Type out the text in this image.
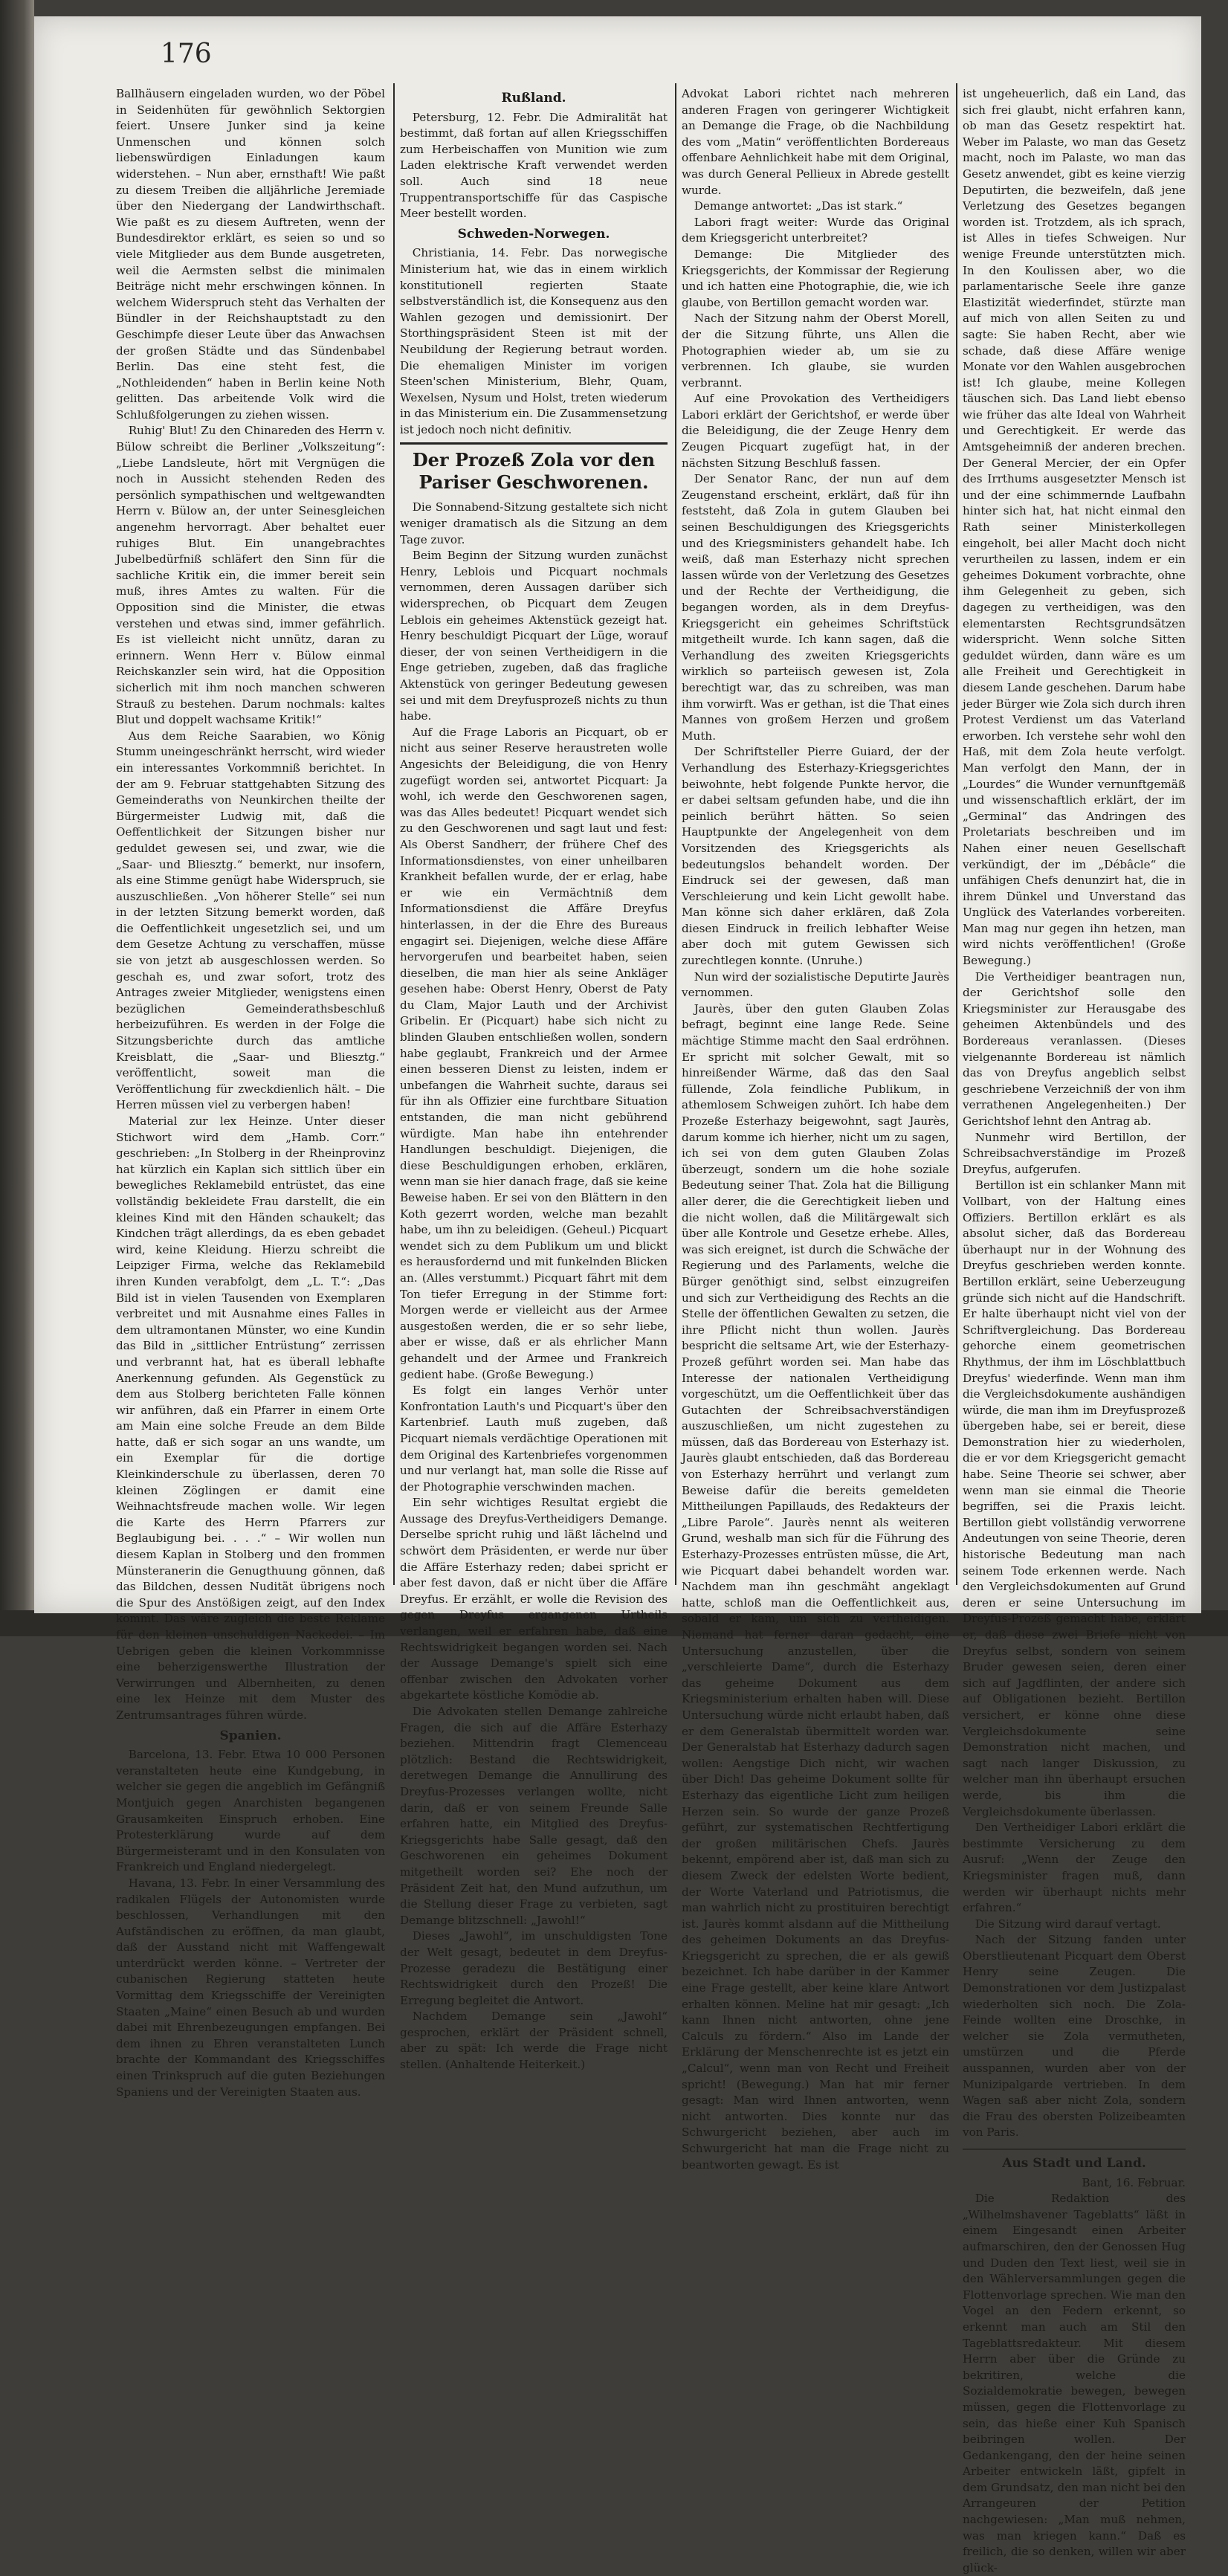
176

Ballhäusern eingeladen wurden, wo der Pöbel in Seidenhüten für gewöhnlich Sektorgien feiert. Unsere Junker sind ja keine Unmenschen und können solch liebenswürdigen Einladungen kaum widerstehen. – Nun aber, ernsthaft! Wie paßt zu diesem Treiben die alljährliche Jeremiade über den Niedergang der Landwirthschaft. Wie paßt es zu diesem Auftreten, wenn der Bundesdirektor erklärt, es seien so und so viele Mitglieder aus dem Bunde ausgetreten, weil die Aermsten selbst die minimalen Beiträge nicht mehr erschwingen können. In welchem Widerspruch steht das Verhalten der Bündler in der Reichshauptstadt zu den Geschimpfe dieser Leute über das Anwachsen der großen Städte und das Sündenbabel Berlin. Das eine steht fest, die „Nothleidenden“ haben in Berlin keine Noth gelitten. Das arbeitende Volk wird die Schlußfolgerungen zu ziehen wissen.

Ruhig' Blut! Zu den Chinareden des Herrn v. Bülow schreibt die Berliner „Volkszeitung“: „Liebe Landsleute, hört mit Vergnügen die noch in Aussicht stehenden Reden des persönlich sympathischen und weltgewandten Herrn v. Bülow an, der unter Seinesgleichen angenehm hervorragt. Aber behaltet euer ruhiges Blut. Ein unangebrachtes Jubelbedürfniß schläfert den Sinn für die sachliche Kritik ein, die immer bereit sein muß, ihres Amtes zu walten. Für die Opposition sind die Minister, die etwas verstehen und etwas sind, immer gefährlich. Es ist vielleicht nicht unnütz, daran zu erinnern. Wenn Herr v. Bülow einmal Reichskanzler sein wird, hat die Opposition sicherlich mit ihm noch manchen schweren Strauß zu bestehen. Darum nochmals: kaltes Blut und doppelt wachsame Kritik!“

Aus dem Reiche Saarabien, wo König Stumm uneingeschränkt herrscht, wird wieder ein interessantes Vorkommniß berichtet. In der am 9. Februar stattgehabten Sitzung des Gemeinderaths von Neunkirchen theilte der Bürgermeister Ludwig mit, daß die Oeffentlichkeit der Sitzungen bisher nur geduldet gewesen sei, und zwar, wie die „Saar- und Bliesztg.“ bemerkt, nur insofern, als eine Stimme genügt habe Widerspruch, sie auszuschließen. „Von höherer Stelle“ sei nun in der letzten Sitzung bemerkt worden, daß die Oeffentlichkeit ungesetzlich sei, und um dem Gesetze Achtung zu verschaffen, müsse sie von jetzt ab ausgeschlossen werden. So geschah es, und zwar sofort, trotz des Antrages zweier Mitglieder, wenigstens einen bezüglichen Gemeinderathsbeschluß herbeizuführen. Es werden in der Folge die Sitzungsberichte durch das amtliche Kreisblatt, die „Saar- und Bliesztg.“ veröffentlicht, soweit man die Veröffentlichung für zweckdienlich hält. – Die Herren müssen viel zu verbergen haben!

Material zur lex Heinze. Unter dieser Stichwort wird dem „Hamb. Corr.“ geschrieben: „In Stolberg in der Rheinprovinz hat kürzlich ein Kaplan sich sittlich über ein bewegliches Reklamebild entrüstet, das eine vollständig bekleidete Frau darstellt, die ein kleines Kind mit den Händen schaukelt; das Kindchen trägt allerdings, da es eben gebadet wird, keine Kleidung. Hierzu schreibt die Leipziger Firma, welche das Reklamebild ihren Kunden verabfolgt, dem „L. T.“: „Das Bild ist in vielen Tausenden von Exemplaren verbreitet und mit Ausnahme eines Falles in dem ultramontanen Münster, wo eine Kundin das Bild in „sittlicher Entrüstung“ zerrissen und verbrannt hat, hat es überall lebhafte Anerkennung gefunden. Als Gegenstück zu dem aus Stolberg berichteten Falle können wir anführen, daß ein Pfarrer in einem Orte am Main eine solche Freude an dem Bilde hatte, daß er sich sogar an uns wandte, um ein Exemplar für die dortige Kleinkinderschule zu überlassen, deren 70 kleinen Zöglingen er damit eine Weihnachtsfreude machen wolle. Wir legen die Karte des Herrn Pfarrers zur Beglaubigung bei. . . .“ – Wir wollen nun diesem Kaplan in Stolberg und den frommen Münsteranerin die Genugthuung gönnen, daß das Bildchen, dessen Nudität übrigens noch die Spur des Anstößigen zeigt, auf den Index kommt. Das wäre zugleich die beste Reklame für den kleinen unschuldigen Nackedei. – Im Uebrigen geben die kleinen Vorkommnisse eine beherzigenswerthe Illustration der Verwirrungen und Albernheiten, zu denen eine lex Heinze mit dem Muster des Zentrumsantrages führen würde.

Spanien.

Barcelona, 13. Febr. Etwa 10 000 Personen veranstalteten heute eine Kundgebung, in welcher sie gegen die angeblich im Gefängniß Montjuich gegen Anarchisten begangenen Grausamkeiten Einspruch erhoben. Eine Protesterklärung wurde auf dem Bürgermeisteramt und in den Konsulaten von Frankreich und England niedergelegt.

Havana, 13. Febr. In einer Versammlung des radikalen Flügels der Autonomisten wurde beschlossen, Verhandlungen mit den Aufständischen zu eröffnen, da man glaubt, daß der Ausstand nicht mit Waffengewalt unterdrückt werden könne. – Vertreter der cubanischen Regierung statteten heute Vormittag dem Kriegsschiffe der Vereinigten Staaten „Maine“ einen Besuch ab und wurden dabei mit Ehrenbezeugungen empfangen. Bei dem ihnen zu Ehren veranstalteten Lunch brachte der Kommandant des Kriegsschiffes einen Trinkspruch auf die guten Beziehungen Spaniens und der Vereinigten Staaten aus.

Rußland.

Petersburg, 12. Febr. Die Admiralität hat bestimmt, daß fortan auf allen Kriegsschiffen zum Herbeischaffen von Munition wie zum Laden elektrische Kraft verwendet werden soll. Auch sind 18 neue Truppentransportschiffe für das Caspische Meer bestellt worden.

Schweden-Norwegen.

Christiania, 14. Febr. Das norwegische Ministerium hat, wie das in einem wirklich konstitutionell regierten Staate selbstverständlich ist, die Konsequenz aus den Wahlen gezogen und demissionirt. Der Storthingspräsident Steen ist mit der Neubildung der Regierung betraut worden. Die ehemaligen Minister im vorigen Steen'schen Ministerium, Blehr, Quam, Wexelsen, Nysum und Holst, treten wiederum in das Ministerium ein. Die Zusammensetzung ist jedoch noch nicht definitiv.

Der Prozeß Zola vor den Pariser Geschworenen.

Die Sonnabend-Sitzung gestaltete sich nicht weniger dramatisch als die Sitzung an dem Tage zuvor.

Beim Beginn der Sitzung wurden zunächst Henry, Leblois und Picquart nochmals vernommen, deren Aussagen darüber sich widersprechen, ob Picquart dem Zeugen Leblois ein geheimes Aktenstück gezeigt hat. Henry beschuldigt Picquart der Lüge, worauf dieser, der von seinen Vertheidigern in die Enge getrieben, zugeben, daß das fragliche Aktenstück von geringer Bedeutung gewesen sei und mit dem Dreyfusprozeß nichts zu thun habe.

Auf die Frage Laboris an Picquart, ob er nicht aus seiner Reserve heraustreten wolle Angesichts der Beleidigung, die von Henry zugefügt worden sei, antwortet Picquart: Ja wohl, ich werde den Geschworenen sagen, was das Alles bedeutet! Picquart wendet sich zu den Geschworenen und sagt laut und fest: Als Oberst Sandherr, der frühere Chef des Informationsdienstes, von einer unheilbaren Krankheit befallen wurde, der er erlag, habe er wie ein Vermächtniß dem Informationsdienst die Affäre Dreyfus hinterlassen, in der die Ehre des Bureaus engagirt sei. Diejenigen, welche diese Affäre hervorgerufen und bearbeitet haben, seien dieselben, die man hier als seine Ankläger gesehen habe: Oberst Henry, Oberst de Paty du Clam, Major Lauth und der Archivist Gribelin. Er (Picquart) habe sich nicht zu blinden Glauben entschließen wollen, sondern habe geglaubt, Frankreich und der Armee einen besseren Dienst zu leisten, indem er unbefangen die Wahrheit suchte, daraus sei für ihn als Offizier eine furchtbare Situation entstanden, die man nicht gebührend würdigte. Man habe ihn entehrender Handlungen beschuldigt. Diejenigen, die diese Beschuldigungen erhoben, erklären, wenn man sie hier danach frage, daß sie keine Beweise haben. Er sei von den Blättern in den Koth gezerrt worden, welche man bezahlt habe, um ihn zu beleidigen. (Geheul.) Picquart wendet sich zu dem Publikum um und blickt es herausfordernd und mit funkelnden Blicken an. (Alles verstummt.) Picquart fährt mit dem Ton tiefer Erregung in der Stimme fort: Morgen werde er vielleicht aus der Armee ausgestoßen werden, die er so sehr liebe, aber er wisse, daß er als ehrlicher Mann gehandelt und der Armee und Frankreich gedient habe. (Große Bewegung.)

Es folgt ein langes Verhör unter Konfrontation Lauth's und Picquart's über den Kartenbrief. Lauth muß zugeben, daß Picquart niemals verdächtige Operationen mit dem Original des Kartenbriefes vorgenommen und nur verlangt hat, man solle die Risse auf der Photographie verschwinden machen.

Ein sehr wichtiges Resultat ergiebt die Aussage des Dreyfus-Vertheidigers Demange. Derselbe spricht ruhig und läßt lächelnd und schwört dem Präsidenten, er werde nur über die Affäre Esterhazy reden; dabei spricht er aber fest davon, daß er nicht über die Affäre Dreyfus. Er erzählt, er wolle die Revision des gegen Dreyfus ergangenen Urtheils verlangen, weil er erfahren habe, daß eine Rechtswidrigkeit begangen worden sei. Nach der Aussage Demange's spielt sich eine offenbar zwischen den Advokaten vorher abgekartete köstliche Komödie ab.

Die Advokaten stellen Demange zahlreiche Fragen, die sich auf die Affäre Esterhazy beziehen. Mittendrin fragt Clemenceau plötzlich: Bestand die Rechtswidrigkeit, deretwegen Demange die Annullirung des Dreyfus-Prozesses verlangen wollte, nicht darin, daß er von seinem Freunde Salle erfahren hatte, ein Mitglied des Dreyfus-Kriegsgerichts habe Salle gesagt, daß den Geschworenen ein geheimes Dokument mitgetheilt worden sei? Ehe noch der Präsident Zeit hat, den Mund aufzuthun, um die Stellung dieser Frage zu verbieten, sagt Demange blitzschnell: „Jawohl!“

Dieses „Jawohl“, im unschuldigsten Tone der Welt gesagt, bedeutet in dem Dreyfus-Prozesse geradezu die Bestätigung einer Rechtswidrigkeit durch den Prozeß! Die Erregung begleitet die Antwort.

Nachdem Demange sein „Jawohl“ gesprochen, erklärt der Präsident schnell, aber zu spät: Ich werde die Frage nicht stellen. (Anhaltende Heiterkeit.)

Advokat Labori richtet nach mehreren anderen Fragen von geringerer Wichtigkeit an Demange die Frage, ob die Nachbildung des vom „Matin“ veröffentlichten Bordereaus offenbare Aehnlichkeit habe mit dem Original, was durch General Pellieux in Abrede gestellt wurde.

Demange antwortet: „Das ist stark.“

Labori fragt weiter: Wurde das Original dem Kriegsgericht unterbreitet?

Demange: Die Mitglieder des Kriegsgerichts, der Kommissar der Regierung und ich hatten eine Photographie, die, wie ich glaube, von Bertillon gemacht worden war.

Nach der Sitzung nahm der Oberst Morell, der die Sitzung führte, uns Allen die Photographien wieder ab, um sie zu verbrennen. Ich glaube, sie wurden verbrannt.

Auf eine Provokation des Vertheidigers Labori erklärt der Gerichtshof, er werde über die Beleidigung, die der Zeuge Henry dem Zeugen Picquart zugefügt hat, in der nächsten Sitzung Beschluß fassen.

Der Senator Ranc, der nun auf dem Zeugenstand erscheint, erklärt, daß für ihn feststeht, daß Zola in gutem Glauben bei seinen Beschuldigungen des Kriegsgerichts und des Kriegsministers gehandelt habe. Ich weiß, daß man Esterhazy nicht sprechen lassen würde von der Verletzung des Gesetzes und der Rechte der Vertheidigung, die begangen worden, als in dem Dreyfus-Kriegsgericht ein geheimes Schriftstück mitgetheilt wurde. Ich kann sagen, daß die Verhandlung des zweiten Kriegsgerichts wirklich so parteiisch gewesen ist, Zola berechtigt war, das zu schreiben, was man ihm vorwirft. Was er gethan, ist die That eines Mannes von großem Herzen und großem Muth.

Der Schriftsteller Pierre Guiard, der der Verhandlung des Esterhazy-Kriegsgerichtes beiwohnte, hebt folgende Punkte hervor, die er dabei seltsam gefunden habe, und die ihn peinlich berührt hätten. So seien Hauptpunkte der Angelegenheit von dem Vorsitzenden des Kriegsgerichts als bedeutungslos behandelt worden. Der Eindruck sei der gewesen, daß man Verschleierung und kein Licht gewollt habe. Man könne sich daher erklären, daß Zola diesen Eindruck in freilich lebhafter Weise aber doch mit gutem Gewissen sich zurechtlegen konnte. (Unruhe.)

Nun wird der sozialistische Deputirte Jaurès vernommen.

Jaurès, über den guten Glauben Zolas befragt, beginnt eine lange Rede. Seine mächtige Stimme macht den Saal erdröhnen. Er spricht mit solcher Gewalt, mit so hinreißender Wärme, daß das den Saal füllende, Zola feindliche Publikum, in athemlosem Schweigen zuhört. Ich habe dem Prozeße Esterhazy beigewohnt, sagt Jaurès, darum komme ich hierher, nicht um zu sagen, ich sei von dem guten Glauben Zolas überzeugt, sondern um die hohe soziale Bedeutung seiner That. Zola hat die Billigung aller derer, die die Gerechtigkeit lieben und die nicht wollen, daß die Militärgewalt sich über alle Kontrole und Gesetze erhebe. Alles, was sich ereignet, ist durch die Schwäche der Regierung und des Parlaments, welche die Bürger genöthigt sind, selbst einzugreifen und sich zur Vertheidigung des Rechts an die Stelle der öffentlichen Gewalten zu setzen, die ihre Pflicht nicht thun wollen. Jaurès bespricht die seltsame Art, wie der Esterhazy-Prozeß geführt worden sei. Man habe das Interesse der nationalen Vertheidigung vorgeschützt, um die Oeffentlichkeit über das Gutachten der Schreibsachverständigen auszuschließen, um nicht zugestehen zu müssen, daß das Bordereau von Esterhazy ist. Jaurès glaubt entschieden, daß das Bordereau von Esterhazy herrührt und verlangt zum Beweise dafür die bereits gemeldeten Mittheilungen Papillauds, des Redakteurs der „Libre Parole“. Jaurès nennt als weiteren Grund, weshalb man sich für die Führung des Esterhazy-Prozesses entrüsten müsse, die Art, wie Picquart dabei behandelt worden war. Nachdem man ihn geschmäht angeklagt hatte, schloß man die Oeffentlichkeit aus, sobald er kam, um sich zu vertheidigen. Niemand hat ferner daran gedacht, eine Untersuchung anzustellen, über die „verschleierte Dame“, durch die Esterhazy das geheime Dokument aus dem Kriegsministerium erhalten haben will. Diese Untersuchung würde nicht erlaubt haben, daß er dem Generalstab übermittelt worden war. Der Generalstab hat Esterhazy dadurch sagen wollen: Aengstige Dich nicht, wir wachen über Dich! Das geheime Dokument sollte für Esterhazy das eigentliche Licht zum heiligen Herzen sein. So wurde der ganze Prozeß geführt, zur systematischen Rechtfertigung der großen militärischen Chefs. Jaurès bekennt, empörend aber ist, daß man sich zu diesem Zweck der edelsten Worte bedient, der Worte Vaterland und Patriotismus, die man wahrlich nicht zu prostituiren berechtigt ist. Jaurès kommt alsdann auf die Mittheilung des geheimen Dokuments an das Dreyfus-Kriegsgericht zu sprechen, die er als gewiß bezeichnet. Ich habe darüber in der Kammer eine Frage gestellt, aber keine klare Antwort erhalten können. Meline hat mir gesagt: „Ich kann Ihnen nicht antworten, ohne jene Calculs zu fördern.“ Also im Lande der Erklärung der Menschenrechte ist es jetzt ein „Calcul“, wenn man von Recht und Freiheit spricht! (Bewegung.) Man hat mir ferner gesagt: Man wird Ihnen antworten, wenn nicht antworten. Dies konnte nur das Schwurgericht beziehen, aber auch im Schwurgericht hat man die Frage nicht zu beantworten gewagt. Es ist

ist ungeheuerlich, daß ein Land, das sich frei glaubt, nicht erfahren kann, ob man das Gesetz respektirt hat. Weber im Palaste, wo man das Gesetz macht, noch im Palaste, wo man das Gesetz anwendet, gibt es keine vierzig Deputirten, die bezweifeln, daß jene Verletzung des Gesetzes begangen worden ist. Trotzdem, als ich sprach, ist Alles in tiefes Schweigen. Nur wenige Freunde unterstützten mich. In den Koulissen aber, wo die parlamentarische Seele ihre ganze Elastizität wiederfindet, stürzte man auf mich von allen Seiten zu und sagte: Sie haben Recht, aber wie schade, daß diese Affäre wenige Monate vor den Wahlen ausgebrochen ist! Ich glaube, meine Kollegen täuschen sich. Das Land liebt ebenso wie früher das alte Ideal von Wahrheit und Gerechtigkeit. Er werde das Amtsgeheimniß der anderen brechen. Der General Mercier, der ein Opfer des Irrthums ausgesetzter Mensch ist und der eine schimmernde Laufbahn hinter sich hat, hat nicht einmal den Rath seiner Ministerkollegen eingeholt, bei aller Macht doch nicht verurtheilen zu lassen, indem er ein geheimes Dokument vorbrachte, ohne ihm Gelegenheit zu geben, sich dagegen zu vertheidigen, was den elementarsten Rechtsgrundsätzen widerspricht. Wenn solche Sitten geduldet würden, dann wäre es um alle Freiheit und Gerechtigkeit in diesem Lande geschehen. Darum habe jeder Bürger wie Zola sich durch ihren Protest Verdienst um das Vaterland erworben. Ich verstehe sehr wohl den Haß, mit dem Zola heute verfolgt. Man verfolgt den Mann, der in „Lourdes“ die Wunder vernunftgemäß und wissenschaftlich erklärt, der im „Germinal“ das Andringen des Proletariats beschreiben und im Nahen einer neuen Gesellschaft verkündigt, der im „Débâcle“ die unfähigen Chefs denunzirt hat, die in ihrem Dünkel und Unverstand das Unglück des Vaterlandes vorbereiten. Man mag nur gegen ihn hetzen, man wird nichts veröffentlichen! (Große Bewegung.)

Die Vertheidiger beantragen nun, der Gerichtshof solle den Kriegsminister zur Herausgabe des geheimen Aktenbündels und des Bordereaus veranlassen. (Dieses vielgenannte Bordereau ist nämlich das von Dreyfus angeblich selbst geschriebene Verzeichniß der von ihm verrathenen Angelegenheiten.) Der Gerichtshof lehnt den Antrag ab.

Nunmehr wird Bertillon, der Schreibsachverständige im Prozeß Dreyfus, aufgerufen.

Bertillon ist ein schlanker Mann mit Vollbart, von der Haltung eines Offiziers. Bertillon erklärt es als absolut sicher, daß das Bordereau überhaupt nur in der Wohnung des Dreyfus geschrieben werden konnte. Bertillon erklärt, seine Ueberzeugung gründe sich nicht auf die Handschrift. Er halte überhaupt nicht viel von der Schriftvergleichung. Das Bordereau gehorche einem geometrischen Rhythmus, der ihm im Löschblattbuch Dreyfus' wiederfinde. Wenn man ihm die Vergleichsdokumente aushändigen würde, die man ihm im Dreyfusprozeß übergeben habe, sei er bereit, diese Demonstration hier zu wiederholen, die er vor dem Kriegsgericht gemacht habe. Seine Theorie sei schwer, aber wenn man sie einmal die Theorie begriffen, sei die Praxis leicht. Bertillon giebt vollständig verworrene Andeutungen von seine Theorie, deren historische Bedeutung man nach seinem Tode erkennen werde. Nach den Vergleichsdokumenten auf Grund deren er seine Untersuchung im Dreyfus-Prozeß gemacht habe, erklärt er, daß diese zwei Briefe nicht von Dreyfus selbst, sondern von seinem Bruder gewesen seien, deren einer sich auf Jagdflinten, der andere sich auf Obligationen bezieht. Bertillon versichert, er könne ohne diese Vergleichsdokumente seine Demonstration nicht machen, und sagt nach langer Diskussion, zu welcher man ihn überhaupt ersuchen werde, bis ihm die Vergleichsdokumente überlassen.

Den Vertheidiger Labori erklärt die bestimmte Versicherung zu dem Ausruf: „Wenn der Zeuge den Kriegsminister fragen muß, dann werden wir überhaupt nichts mehr erfahren.“

Die Sitzung wird darauf vertagt.

Nach der Sitzung fanden unter Oberstlieutenant Picquart dem Oberst Henry seine Zeugen. Die Demonstrationen vor dem Justizpalast wiederholten sich noch. Die Zola-Feinde wollten eine Droschke, in welcher sie Zola vermutheten, umstürzen und die Pferde ausspannen, wurden aber von der Munizipalgarde vertrieben. In dem Wagen saß aber nicht Zola, sondern die Frau des obersten Polizeibeamten von Paris.

Aus Stadt und Land.

Bant, 16. Februar.

Die Redaktion des „Wilhelmshavener Tageblatts“ läßt in einem Eingesandt einen Arbeiter aufmarschiren, den der Genossen Hug und Duden den Text liest, weil sie in den Wählerversammlungen gegen die Flottenvorlage sprechen. Wie man den Vogel an den Federn erkennt, so erkennt man auch am Stil den Tageblattsredakteur. Mit diesem Herrn aber über die Gründe zu bekritiren, welche die Sozialdemokratie bewegen, bewegen müssen, gegen die Flottenvorlage zu sein, das hieße einer Kuh Spanisch beibringen wollen. Der Gedankengang, den der heine seinen Arbeiter entwickeln läßt, gipfelt in dem Grundsatz, den man nicht bei den Arrangeuren der Petition nachgewiesen: „Man muß nehmen, was man kriegen kann.“ Daß es freilich, die so denken, willen wir aber glück-
